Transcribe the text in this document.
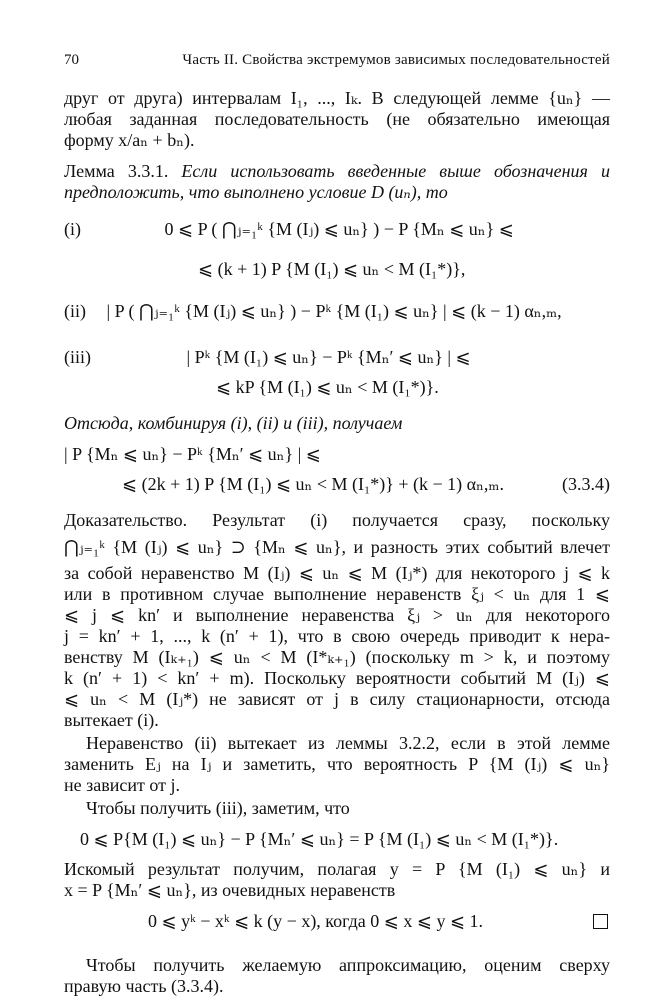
70	Часть II. Свойства экстремумов зависимых последовательностей
друг от друга) интервалам I₁, ..., Iₖ. В следующей лемме {uₙ} —
любая заданная последовательность (не обязательно имеющая
форму x/aₙ + bₙ).
Лемма 3.3.1. Если использовать введенные выше обозначения и
предположить, что выполнено условие D (uₙ), то
(i)	0 ⩽ P ( ⋂ⱼ₌₁ᵏ {M (Iⱼ) ⩽ uₙ} ) − P {Mₙ ⩽ uₙ} ⩽
⩽ (k + 1) P {M (I₁) ⩽ uₙ < M (I₁*)},
(ii) | P ( ⋂ⱼ₌₁ᵏ {M (Iⱼ) ⩽ uₙ} ) − Pᵏ {M (I₁) ⩽ uₙ} | ⩽ (k − 1) αₙ,ₘ,
(iii)	| Pᵏ {M (I₁) ⩽ uₙ} − Pᵏ {Mₙ′ ⩽ uₙ} | ⩽
⩽ kP {M (I₁) ⩽ uₙ < M (I₁*)}.
Отсюда, комбинируя (i), (ii) и (iii), получаем
| P {Mₙ ⩽ uₙ} − Pᵏ {Mₙ′ ⩽ uₙ} | ⩽
⩽ (2k + 1) P {M (I₁) ⩽ uₙ < M (I₁*)} + (k − 1) αₙ,ₘ.	(3.3.4)
Доказательство. Результат (i) получается сразу, поскольку
⋂ⱼ₌₁ᵏ {M (Iⱼ) ⩽ uₙ} ⊃ {Mₙ ⩽ uₙ}, и разность этих событий влечет
за собой неравенство M (Iⱼ) ⩽ uₙ ⩽ M (Iⱼ*) для некоторого j ⩽ k
или в противном случае выполнение неравенств ξⱼ < uₙ для 1 ⩽
⩽ j ⩽ kn′ и выполнение неравенства ξⱼ > uₙ для некоторого
j = kn′ + 1, ..., k (n′ + 1), что в свою очередь приводит к нера-
венству M (Iₖ₊₁) ⩽ uₙ < M (I*ₖ₊₁) (поскольку m > k, и поэтому
k (n′ + 1) < kn′ + m). Поскольку вероятности событий M (Iⱼ) ⩽
⩽ uₙ < M (Iⱼ*) не зависят от j в силу стационарности, отсюда
вытекает (i).
Неравенство (ii) вытекает из леммы 3.2.2, если в этой лемме
заменить Eⱼ на Iⱼ и заметить, что вероятность P {M (Iⱼ) ⩽ uₙ}
не зависит от j.
Чтобы получить (iii), заметим, что
0 ⩽ P{M (I₁) ⩽ uₙ} − P {Mₙ′ ⩽ uₙ} = P {M (I₁) ⩽ uₙ < M (I₁*)}.
Искомый результат получим, полагая y = P {M (I₁) ⩽ uₙ} и
x = P {Mₙ′ ⩽ uₙ}, из очевидных неравенств
0 ⩽ yᵏ − xᵏ ⩽ k (y − x), когда 0 ⩽ x ⩽ y ⩽ 1.
Чтобы получить желаемую аппроксимацию, оценим сверху
правую часть (3.3.4).
